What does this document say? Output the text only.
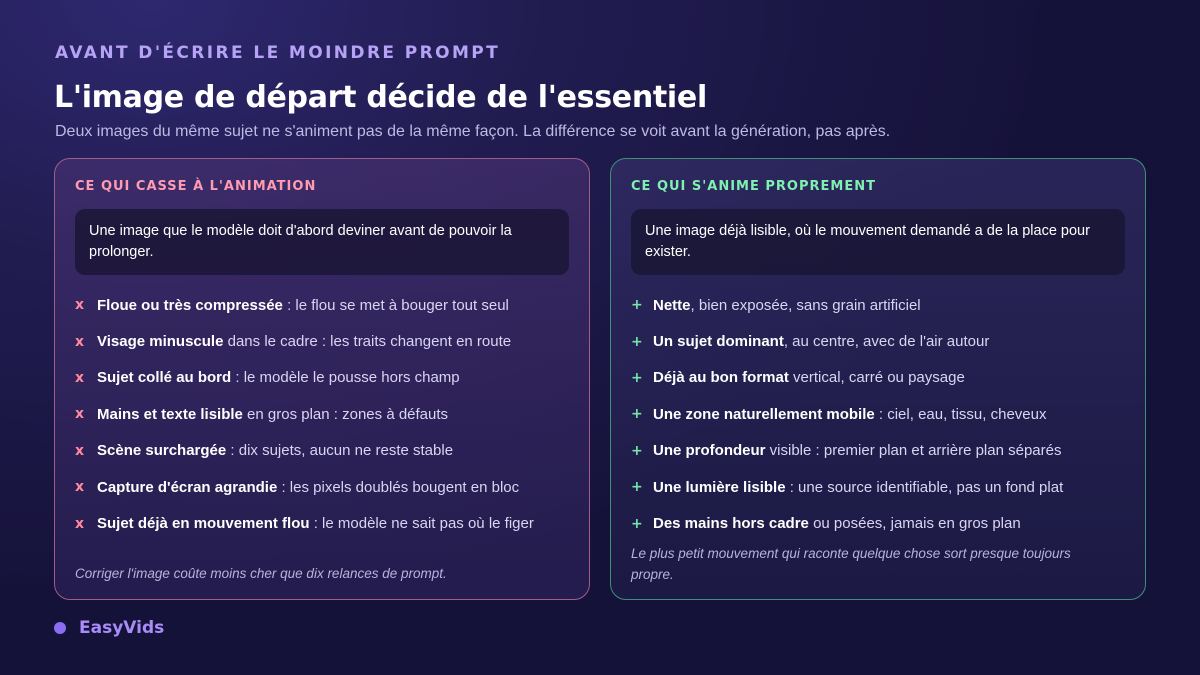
AVANT D'ÉCRIRE LE MOINDRE PROMPT
L'image de départ décide de l'essentiel

Deux images du même sujet ne s'animent pas de la même façon. La différence se voit avant la génération, pas après.

CE QUI CASSE À L'ANIMATION
Une image que le modèle doit d'abord deviner avant de pouvoir la prolonger.
x Floue ou très compressée : le flou se met à bouger tout seul
x Visage minuscule dans le cadre : les traits changent en route
x Sujet collé au bord : le modèle le pousse hors champ
x Mains et texte lisible en gros plan : zones à défauts
x Scène surchargée : dix sujets, aucun ne reste stable
x Capture d'écran agrandie : les pixels doublés bougent en bloc
x Sujet déjà en mouvement flou : le modèle ne sait pas où le figer

Corriger l'image coûte moins cher que dix relances de prompt.

CE QUI S'ANIME PROPREMENT
Une image déjà lisible, où le mouvement demandé a de la place pour exister.
+ Nette , bien exposée, sans grain artificiel
+ Un sujet dominant , au centre, avec de l'air autour
+ Déjà au bon format vertical, carré ou paysage
+ Une zone naturellement mobile : ciel, eau, tissu, cheveux
+ Une profondeur visible : premier plan et arrière plan séparés
+ Une lumière lisible : une source identifiable, pas un fond plat
+ Des mains hors cadre ou posées, jamais en gros plan

Le plus petit mouvement qui raconte quelque chose sort presque toujours propre.

EasyVids
